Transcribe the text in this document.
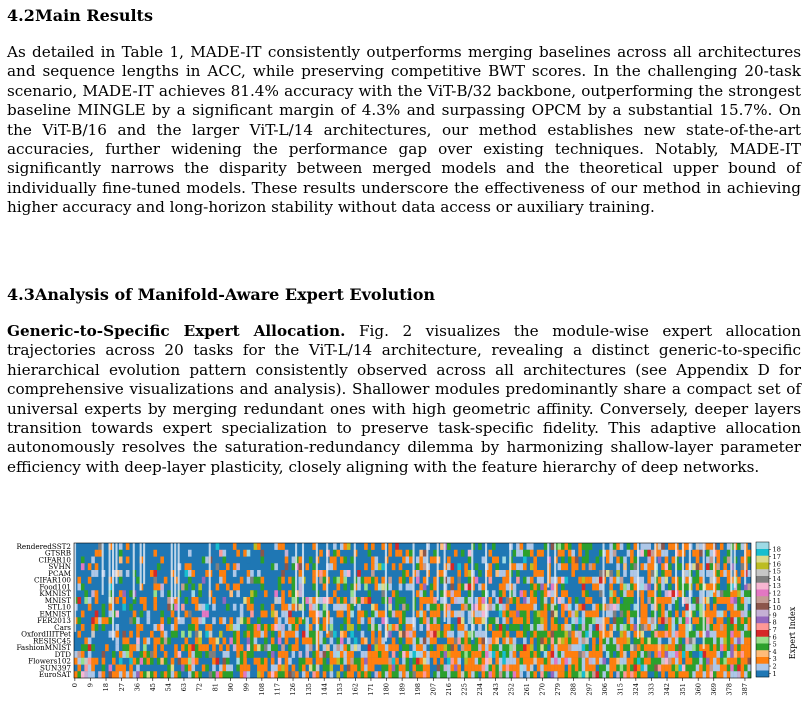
4.2Main Results

As detailed in Table 1, MADE-IT consistently outperforms merging baselines across all architectures and sequence lengths in ACC, while preserving competitive BWT scores. In the challenging 20-task scenario, MADE-IT achieves 81.4% accuracy with the ViT-B/32 backbone, outperforming the strongest baseline MINGLE by a significant margin of 4.3% and surpassing OPCM by a substantial 15.7%. On the ViT-B/16 and the larger ViT-L/14 architectures, our method establishes new state-of-the-art accuracies, further widening the performance gap over existing techniques. Notably, MADE-IT significantly narrows the disparity between merged models and the theoretical upper bound of individually fine-tuned models. These results underscore the effectiveness of our method in achieving higher accuracy and long-horizon stability without data access or auxiliary training.

4.3Analysis of Manifold-Aware Expert Evolution

Generic-to-Specific Expert Allocation. Fig. 2 visualizes the module-wise expert allocation trajectories across 20 tasks for the ViT-L/14 architecture, revealing a distinct generic-to-specific hierarchical evolution pattern consistently observed across all architectures (see Appendix D for comprehensive visualizations and analysis). Shallower modules predominantly share a compact set of universal experts by merging redundant ones with high geometric affinity. Conversely, deeper layers transition towards expert specialization to preserve task-specific fidelity. This adaptive allocation autonomously resolves the saturation-redundancy dilemma by harmonizing shallow-layer parameter efficiency with deep-layer plasticity, closely aligning with the feature hierarchy of deep networks.

RenderedSST2
GTSRB
CIFAR10
SVHN
PCAM
CIFAR100
Food101
KMNIST
MNIST
STL10
EMNIST
FER2013
Cars
OxfordIIITPet
RESISC45
FashionMNIST
DTD
Flowers102
SUN397
EuroSAT
0 9 18 27 36 45 54 63 72 81 90 99 108 117 126 135 144 153 162 171 180 189 198 207 216 225 234 243 252 261 270 279 288 297 306 315 324 333 342 351 360 369 378 387
1
2
3
4
5
6
7
8
9
10
11
12
13
14
15
16
17
18
Expert Index
